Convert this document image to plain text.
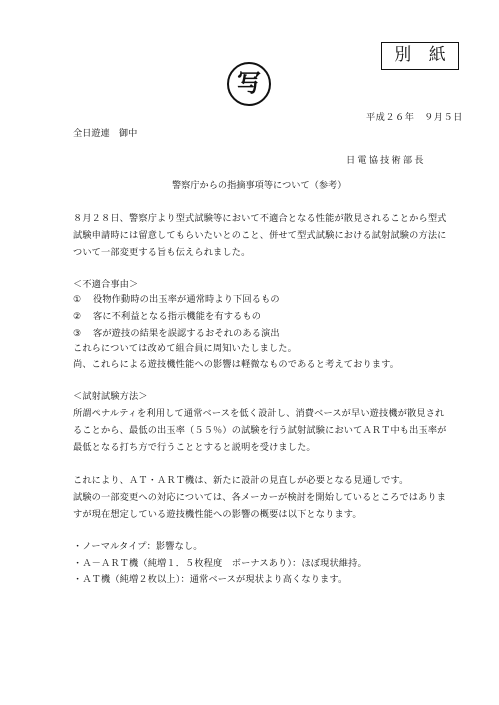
別 紙
写
平成２６年　９月５日
全日遊連　御中
日電協技術部長
警察庁からの指摘事項等について（参考）
８月２８日、警察庁より型式試験等において不適合となる性能が散見されることから型式
試験申請時には留意してもらいたいとのこと、併せて型式試験における試射試験の方法に
ついて一部変更する旨も伝えられました。
＜不適合事由＞
① 役物作動時の出玉率が通常時より下回るもの
② 客に不利益となる指示機能を有するもの
③ 客が遊技の結果を誤認するおそれのある演出
これらについては改めて組合員に周知いたしました。
尚、これらによる遊技機性能への影響は軽微なものであると考えております。
＜試射試験方法＞
所謂ペナルティを利用して通常ベースを低く設計し、消費ベースが早い遊技機が散見され
ることから、最低の出玉率（５５％）の試験を行う試射試験においてＡＲＴ中も出玉率が
最低となる打ち方で行うこととすると説明を受けました。
これにより、ＡＴ・ＡＲＴ機は、新たに設計の見直しが必要となる見通しです。
試験の一部変更への対応については、各メーカーが検討を開始しているところではありま
すが現在想定している遊技機性能への影響の概要は以下となります。
・ノーマルタイプ：影響なし。
・Ａ－ＡＲＴ機（純増１．５枚程度　ボーナスあり）：ほぼ現状維持。
・ＡＴ機（純増２枚以上）：通常ベースが現状より高くなります。
